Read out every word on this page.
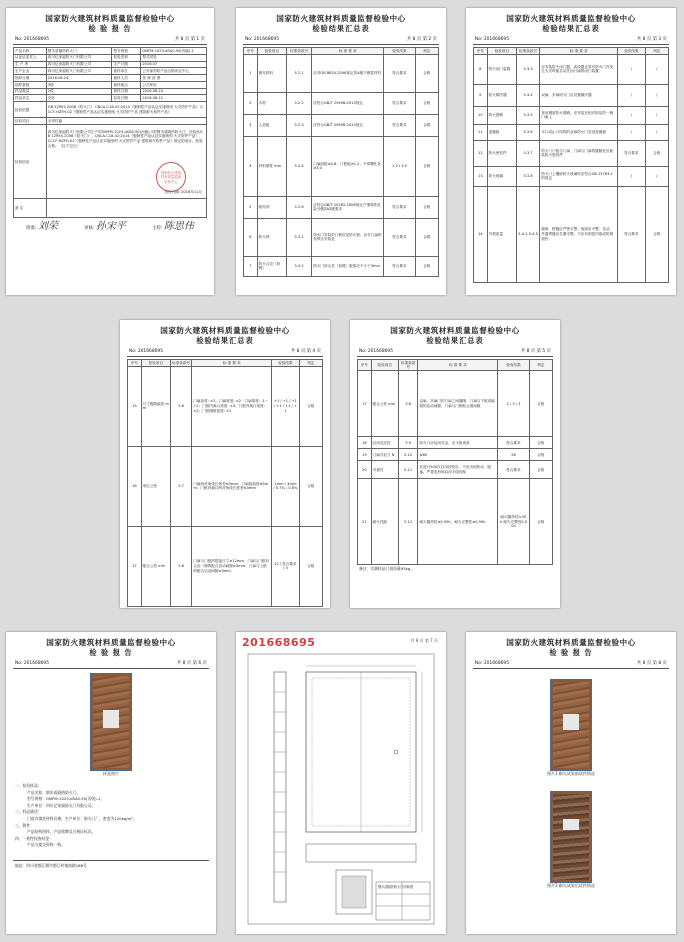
国家防火建筑材料质量监督检验中心
检 验 报 告
No: 201668695	共 8 页 第 1 页
产品名称	钢木质隔热防火门	型号规格	GMFM-1023-dSA0.50(丙级)-1
认证证委托人	四川亿家福防火门有限公司	检验类别	型式试验
生 产 者	四川亿家福防火门有限公司	生产日期	2016.07
生产企业	四川亿家福防火门有限公司	抽样单位	公安部消防产品合格评定中心
抽样日期	2016.08.24	抽样人员	张 博 邱 勇
抽样基数	3樘	抽样地点	公司库房
样品数量	2樘	到样日期	2016.08.24
样品状态	完好	检验日期	2016.08.12
检验依据	GB 12955-2008《防火门》 CNCA-C18-02:2014《强制性产品认证实施规则 火灾防护产品》 CCCF-HZFH-02《强制性产品认证实施细则 火灾防护产品 建筑耐火构件产品》		
检验项目	全项性能		
检验结论	四川亿家福防火门有限公司生产的GMFM-1023-dSA0.50(丙级)-1型钢木质隔热防火门，经检验GB 12955-2008《防火门》、CNCA-C18-02:2014《强制性产品认证实施规则 火灾防护产品》、CCCF-HZFH-02《强制性产品认证实施细则 火灾防护产品 建筑耐火构件产品》规定的项目，检验合格。（以下空白）
签发日期: 2016年11月
国家防火建筑材料质量监督检验中心		

备 注			
批准: 刘荣	审核: 孙宋平	主检: 陈思伟
国家防火建筑材料质量监督检验中心
检验结果汇总表
No: 201668695	共 8 页 第 2 页
序号	检验项目	标准条款号	标 准 要 求	检验结果	判定
1	填充材料	5.2.1	应对GB 8624-2006规定的A级不燃性材料	符合要求	合格
2	木材	5.2.2	应符合GB/T 29498-2013规定	符合要求	合格
3	人造板	5.2.3	应符合GB/T 29498-2013规定	符合要求	合格
4	材料厚度 mm	5.2.4	门扇面板≥0.8；门框板≥1.2；不带槽孔处≥3.0	1.2 / 3.0	合格
5	粘结剂	5.2.6	应符合GB/T 20285-2006规定产烟毒性危险分级ZA2级要求	符合要求	合格
6	防火锁	5.3.1	防火门安装的门锁应是防火锁；应在门扇的有锁舌安装处	符合要求	合格
7	防火合页（铰链）	5.3.2	防火门用合页（铰链）板厚应不少于3mm	符合要求	合格
国家防火建筑材料质量监督检验中心
检验结果汇总表
No: 201668695	共 8 页 第 3 页
序号	检验项目	标准条款号	标 准 要 求	检验结果	判定
8	防火闭门装置	5.3.3	应安装防火闭门器，或设置让常开防火门在发生火灾时能自动关闭门扇的闭门装置	/	/
9	防火顺序器	5.3.4	双扇、多扇防火门应设置顺序器	/	/
10	防火插销	5.3.5	采用钢质防火插销，应安装在相对固定的一侧门扇上	/	/
11	盖缝板	5.3.6	平口或止口结构的双扇防火门宜设盖缝板	/	/
12	防火密封件	5.3.7	防火门门框与门扇、门扇与门扇的缝隙处应嵌装防火密封件	符合要求	合格
13	防火玻璃	5.3.8	防火门上镶嵌防火玻璃时应符合GB 15763.1的规定	/	/
14	外观质量	5.4.1-5.4.5	割角、拼缝应严密平整；表面应平整、光洁；外露焊缝应打磨平整；不应有明显凹痕或机械损伤	符合要求	合格
国家防火建筑材料质量监督检验中心
检验结果汇总表
No: 201668695	共 8 页 第 4 页
序号	检验项目	标准条款号	标 准 要 求	检验结果	判定
15	尺寸极限偏差 mm	5.6	门扇高度: ±2；门扇宽度: ±2；门扇厚度: -1~+2；门框内裁口高度: ±3；门框内裁口宽度: ±2；门框侧壁宽度: ±2	+1 / +1 / +1 / +1 / +1 / +1	合格
16	形位公差	5.7	门扇两对角线长度差≤3mm；门扇扭曲度≤5mm；门框内裁口两对角线长度差≤3mm	1mm / 3mm / 0.7% / 0.6%	合格
17	配合公差 mm	5.8	门扇与门框的搭接尺寸≥12mm；门扇与门框有合页一侧的配合活动间隙≤3mm；门扇与上框的配合活动间隙≤3mm	12 / 符合要求 / 3	合格
国家防火建筑材料质量监督检验中心
检验结果汇总表
No: 201668695	共 8 页 第 5 页
序号	检验项目	标准条款号	标 准 要 求	检验结果	判定
17	配合公差 mm	5.8	双扇、多扇门的门扇之间缝隙；门扇与下框或地面的活动间隙；门扇与门框贴合面间隙	2 / 3 / 3	合格
18	启闭灵活性	5.9	防火门应启闭灵活、无卡阻现象	符合要求	合格
19	门扇开启力 N	5.10	≤80	56	合格
20	可靠性	5.11	在进行500次启闭试验后，不应出现松动、脱落、严重变形和启闭卡阻现象	符合要求	合格
21	耐火性能	5.12	耐火隔热性≥0.50h，耐火完整性≥0.50h	耐火隔热性0.50h 耐火完整性0.50h	合格
备注：实测样品门扇质量93kg。
国家防火建筑材料质量监督检验中心
检 验 报 告
No: 201668695	共 8 页 第 6 页
样品照片
一、检验样品：
产品名称：钢木质隔热防火门。
型号规格：GMFM-1023-dSA0.50(丙级)-1。
生产单位：四川亿家福防火门有限公司。
二、样品描述：
门扇内填充材料岩棉，生产单位：防火门厂，密度为120kg/m³。
三、附件：
产品结构图样、产品铭牌及合格证标识。
四、一致性检查结论：
产品与提交资料一致。
地址：四川省都江堰市都江村集南路168号
201668695	共 8 页 第 7 页
钢木质隔热防火门结构图
国家防火建筑材料质量监督检验中心
检 验 报 告
No: 201668695	共 8 页 第 8 页
照片1 耐火试验前试件情况
照片2 耐火试验后试件情况
